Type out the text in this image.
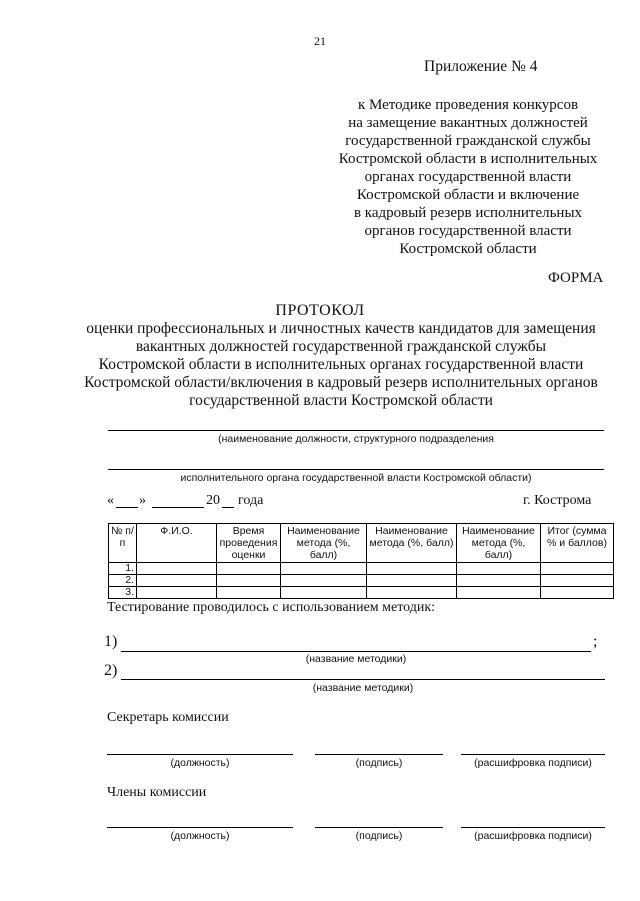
21
Приложение № 4
к Методике проведения конкурсов
на замещение вакантных должностей
государственной гражданской службы
Костромской области в исполнительных
органах государственной власти
Костромской области и включение
в кадровый резерв исполнительных
органов государственной власти
Костромской области
ФОРМА
ПРОТОКОЛ
оценки профессиональных и личностных качеств кандидатов для замещения
вакантных должностей государственной гражданской службы
Костромской области в исполнительных органах государственной власти
Костромской области/включения в кадровый резерв исполнительных органов
государственной власти Костромской области
(наименование должности, структурного подразделения
исполнительного органа государственной власти Костромской области)
« »	20 года	г. Кострома
№ п/п	Ф.И.О.	Время проведения оценки	Наименование метода (%, балл)	Наименование метода (%, балл)	Наименование метода (%, балл)	Итог (сумма % и баллов)
1.						
2.						
3.						
Тестирование проводилось с использованием методик:
1)	;
(название методики)
2)
(название методики)
Секретарь комиссии
(должность)	(подпись)	(расшифровка подписи)
Члены комиссии
(должность)	(подпись)	(расшифровка подписи)
